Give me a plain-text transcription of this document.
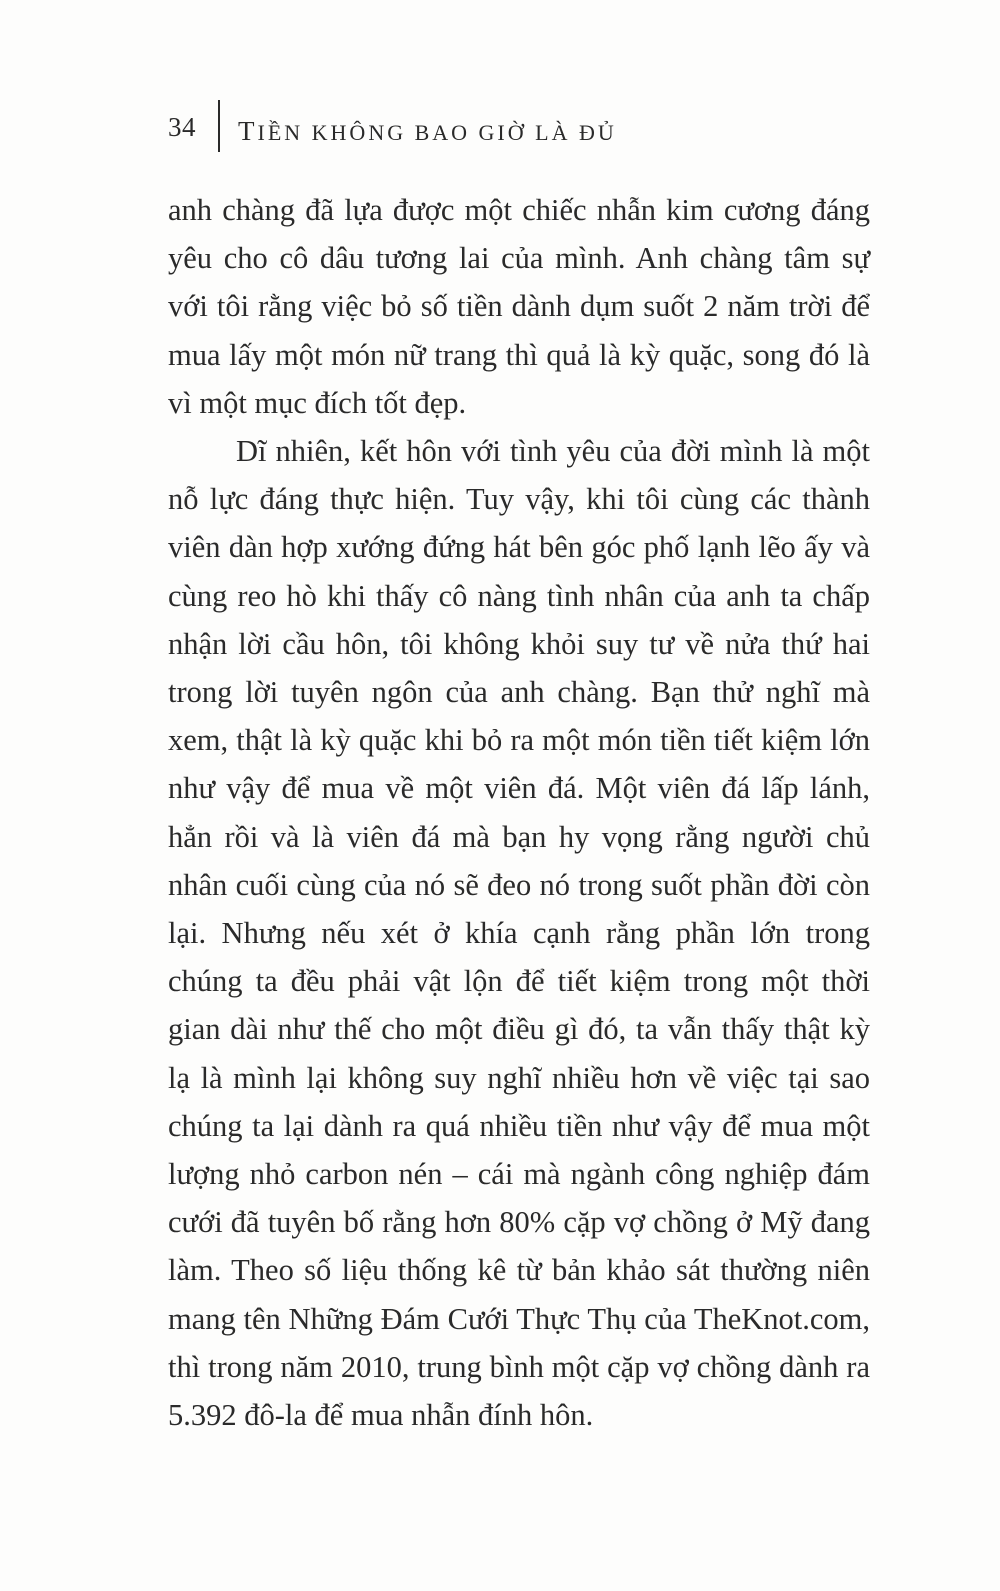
34 TIỀN KHÔNG BAO GIỜ LÀ ĐỦ

anh chàng đã lựa được một chiếc nhẫn kim cương đáng yêu cho cô dâu tương lai của mình. Anh chàng tâm sự với tôi rằng việc bỏ số tiền dành dụm suốt 2 năm trời để mua lấy một món nữ trang thì quả là kỳ quặc, song đó là vì một mục đích tốt đẹp.

Dĩ nhiên, kết hôn với tình yêu của đời mình là một nỗ lực đáng thực hiện. Tuy vậy, khi tôi cùng các thành viên dàn hợp xướng đứng hát bên góc phố lạnh lẽo ấy và cùng reo hò khi thấy cô nàng tình nhân của anh ta chấp nhận lời cầu hôn, tôi không khỏi suy tư về nửa thứ hai trong lời tuyên ngôn của anh chàng. Bạn thử nghĩ mà xem, thật là kỳ quặc khi bỏ ra một món tiền tiết kiệm lớn như vậy để mua về một viên đá. Một viên đá lấp lánh, hẳn rồi và là viên đá mà bạn hy vọng rằng người chủ nhân cuối cùng của nó sẽ đeo nó trong suốt phần đời còn lại. Nhưng nếu xét ở khía cạnh rằng phần lớn trong chúng ta đều phải vật lộn để tiết kiệm trong một thời gian dài như thế cho một điều gì đó, ta vẫn thấy thật kỳ lạ là mình lại không suy nghĩ nhiều hơn về việc tại sao chúng ta lại dành ra quá nhiều tiền như vậy để mua một lượng nhỏ carbon nén – cái mà ngành công nghiệp đám cưới đã tuyên bố rằng hơn 80% cặp vợ chồng ở Mỹ đang làm. Theo số liệu thống kê từ bản khảo sát thường niên mang tên Những Đám Cưới Thực Thụ của TheKnot.com, thì trong năm 2010, trung bình một cặp vợ chồng dành ra 5.392 đô-la để mua nhẫn đính hôn.
